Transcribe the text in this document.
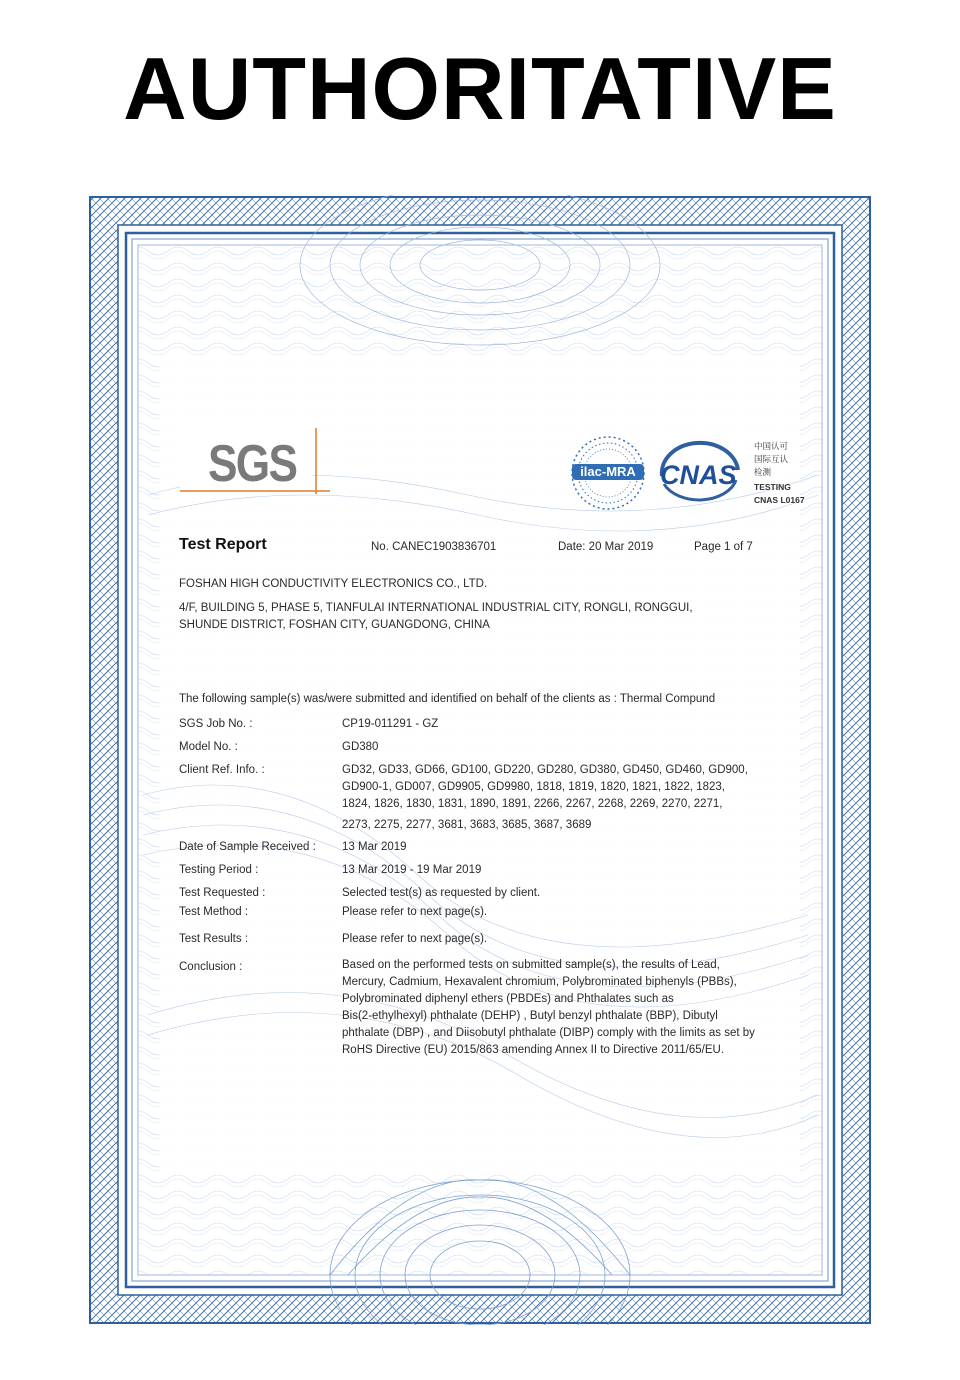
AUTHORITATIVE
SGS	ilac-MRA CNAS
中国认可
国际互认
检测
TESTING
CNAS L0167
Test Report	No. CANEC1903836701	Date: 20 Mar 2019	Page 1 of 7
FOSHAN HIGH CONDUCTIVITY ELECTRONICS CO., LTD.
4/F, BUILDING 5, PHASE 5, TIANFULAI INTERNATIONAL INDUSTRIAL CITY, RONGLI, RONGGUI,
SHUNDE DISTRICT, FOSHAN CITY, GUANGDONG, CHINA
The following sample(s) was/were submitted and identified on behalf of the clients as : Thermal Compund
SGS Job No. :	CP19-011291 - GZ
Model No. :	GD380
Client Ref. Info. :	GD32, GD33, GD66, GD100, GD220, GD280, GD380, GD450, GD460, GD900,
GD900-1, GD007, GD9905, GD9980, 1818, 1819, 1820, 1821, 1822, 1823,
1824, 1826, 1830, 1831, 1890, 1891, 2266, 2267, 2268, 2269, 2270, 2271,
2273, 2275, 2277, 3681, 3683, 3685, 3687, 3689
Date of Sample Received : 13 Mar 2019
Testing Period :	13 Mar 2019 - 19 Mar 2019
Test Requested :	Selected test(s) as requested by client.
Test Method :	Please refer to next page(s).
Test Results :	Please refer to next page(s).
Conclusion :	Based on the performed tests on submitted sample(s), the results of Lead,
Mercury, Cadmium, Hexavalent chromium, Polybrominated biphenyls (PBBs),
Polybrominated diphenyl ethers (PBDEs) and Phthalates such as
Bis(2-ethylhexyl) phthalate (DEHP) , Butyl benzyl phthalate (BBP), Dibutyl
phthalate (DBP) , and Diisobutyl phthalate (DIBP) comply with the limits as set by
RoHS Directive (EU) 2015/863 amending Annex II to Directive 2011/65/EU.
